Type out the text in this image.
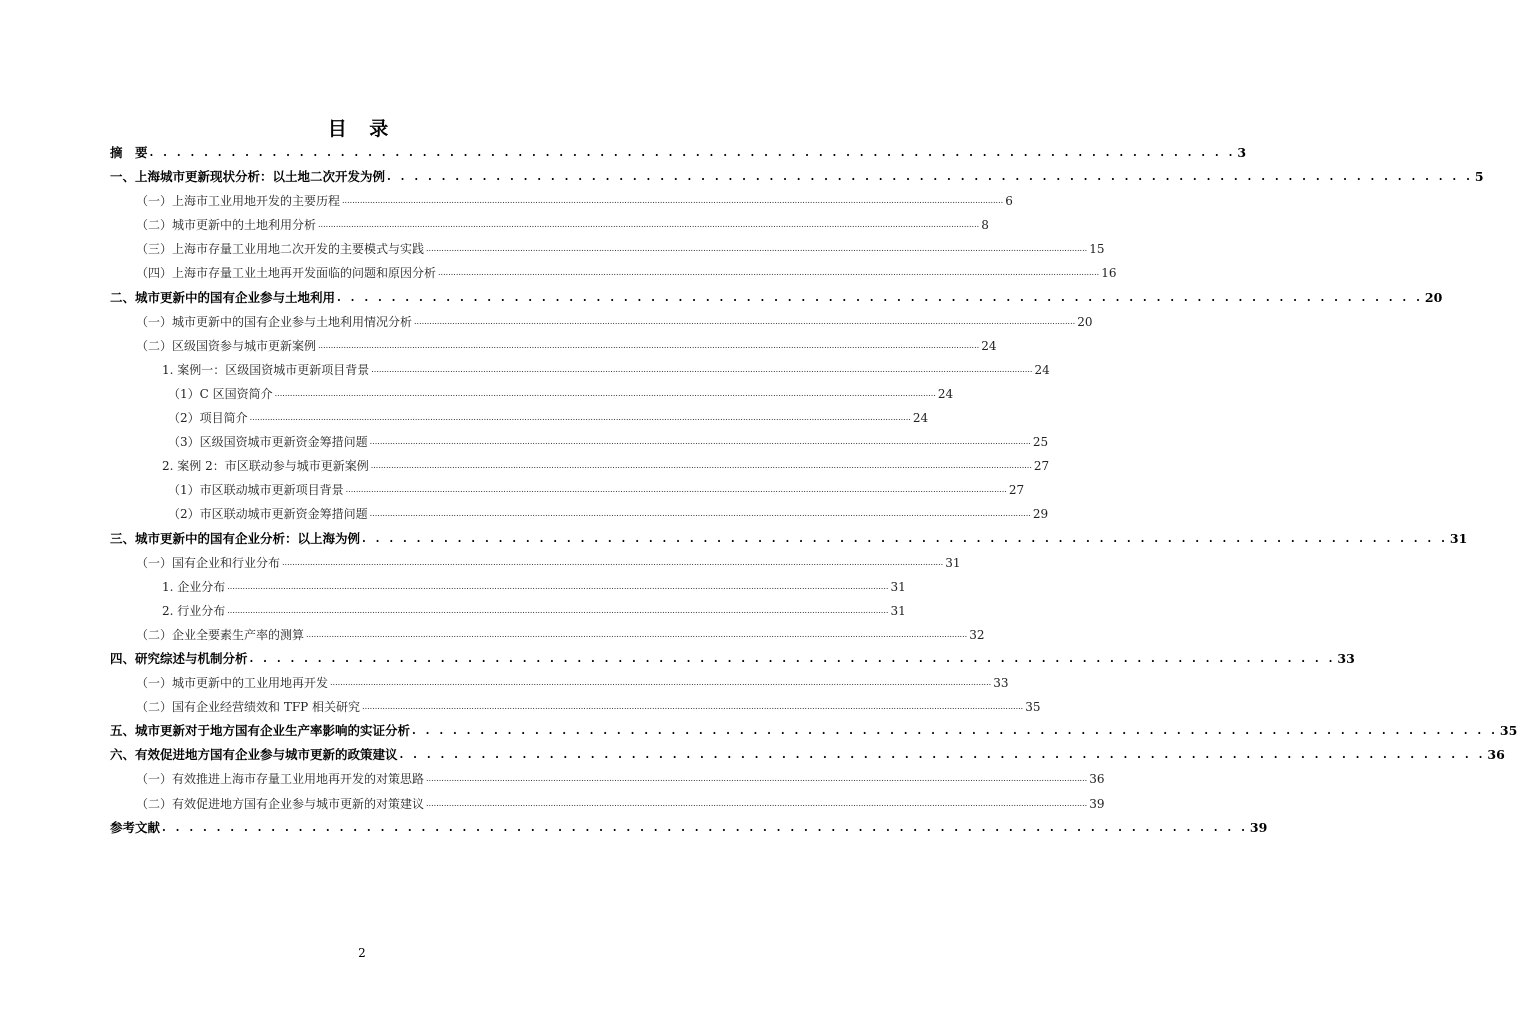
目 录
摘　要 . . . . . . . . . . . . . . . . . . . . . . . . . . . . . . . . . . . . . . . . . . . . . . . . . . . . . . . . . . . . . . . . . . . . . . . . . . . . . . . . 3
一、上海城市更新现状分析：以土地二次开发为例 . . . . . . . . . . . . . . . . . . . . . . . . . . . . . . . . . . . . . . . . . . . . . . . . . . . . . . . . . . . . . . . . . . . . . . . . . . . . . . . . 5
（一）上海市工业用地开发的主要历程 .................................................................................................................................................................................................................................................................... 6
（二）城市更新中的土地利用分析 .................................................................................................................................................................................................................................................................... 8
（三）上海市存量工业用地二次开发的主要模式与实践 .................................................................................................................................................................................................................................................................... 15
（四）上海市存量工业土地再开发面临的问题和原因分析 .................................................................................................................................................................................................................................................................... 16
二、城市更新中的国有企业参与土地利用 . . . . . . . . . . . . . . . . . . . . . . . . . . . . . . . . . . . . . . . . . . . . . . . . . . . . . . . . . . . . . . . . . . . . . . . . . . . . . . . . 20
（一）城市更新中的国有企业参与土地利用情况分析 .................................................................................................................................................................................................................................................................... 20
（二）区级国资参与城市更新案例 .................................................................................................................................................................................................................................................................... 24
1. 案例一：区级国资城市更新项目背景 .................................................................................................................................................................................................................................................................... 24
（1）C 区国资简介 .................................................................................................................................................................................................................................................................... 24
（2）项目简介 .................................................................................................................................................................................................................................................................... 24
（3）区级国资城市更新资金筹措问题 .................................................................................................................................................................................................................................................................... 25
2. 案例 2：市区联动参与城市更新案例 .................................................................................................................................................................................................................................................................... 27
（1）市区联动城市更新项目背景 .................................................................................................................................................................................................................................................................... 27
（2）市区联动城市更新资金筹措问题 .................................................................................................................................................................................................................................................................... 29
三、城市更新中的国有企业分析：以上海为例 . . . . . . . . . . . . . . . . . . . . . . . . . . . . . . . . . . . . . . . . . . . . . . . . . . . . . . . . . . . . . . . . . . . . . . . . . . . . . . . . 31
（一）国有企业和行业分布 .................................................................................................................................................................................................................................................................... 31
1. 企业分布 .................................................................................................................................................................................................................................................................... 31
2. 行业分布 .................................................................................................................................................................................................................................................................... 31
（二）企业全要素生产率的测算 .................................................................................................................................................................................................................................................................... 32
四、研究综述与机制分析 . . . . . . . . . . . . . . . . . . . . . . . . . . . . . . . . . . . . . . . . . . . . . . . . . . . . . . . . . . . . . . . . . . . . . . . . . . . . . . . . 33
（一）城市更新中的工业用地再开发 .................................................................................................................................................................................................................................................................... 33
（二）国有企业经营绩效和 TFP 相关研究 .................................................................................................................................................................................................................................................................... 35
五、城市更新对于地方国有企业生产率影响的实证分析 . . . . . . . . . . . . . . . . . . . . . . . . . . . . . . . . . . . . . . . . . . . . . . . . . . . . . . . . . . . . . . . . . . . . . . . . . . . . . . . . 35
六、有效促进地方国有企业参与城市更新的政策建议 . . . . . . . . . . . . . . . . . . . . . . . . . . . . . . . . . . . . . . . . . . . . . . . . . . . . . . . . . . . . . . . . . . . . . . . . . . . . . . . . 36
（一）有效推进上海市存量工业用地再开发的对策思路 .................................................................................................................................................................................................................................................................... 36
（二）有效促进地方国有企业参与城市更新的对策建议 .................................................................................................................................................................................................................................................................... 39
参考文献 . . . . . . . . . . . . . . . . . . . . . . . . . . . . . . . . . . . . . . . . . . . . . . . . . . . . . . . . . . . . . . . . . . . . . . . . . . . . . . . . 39
2
